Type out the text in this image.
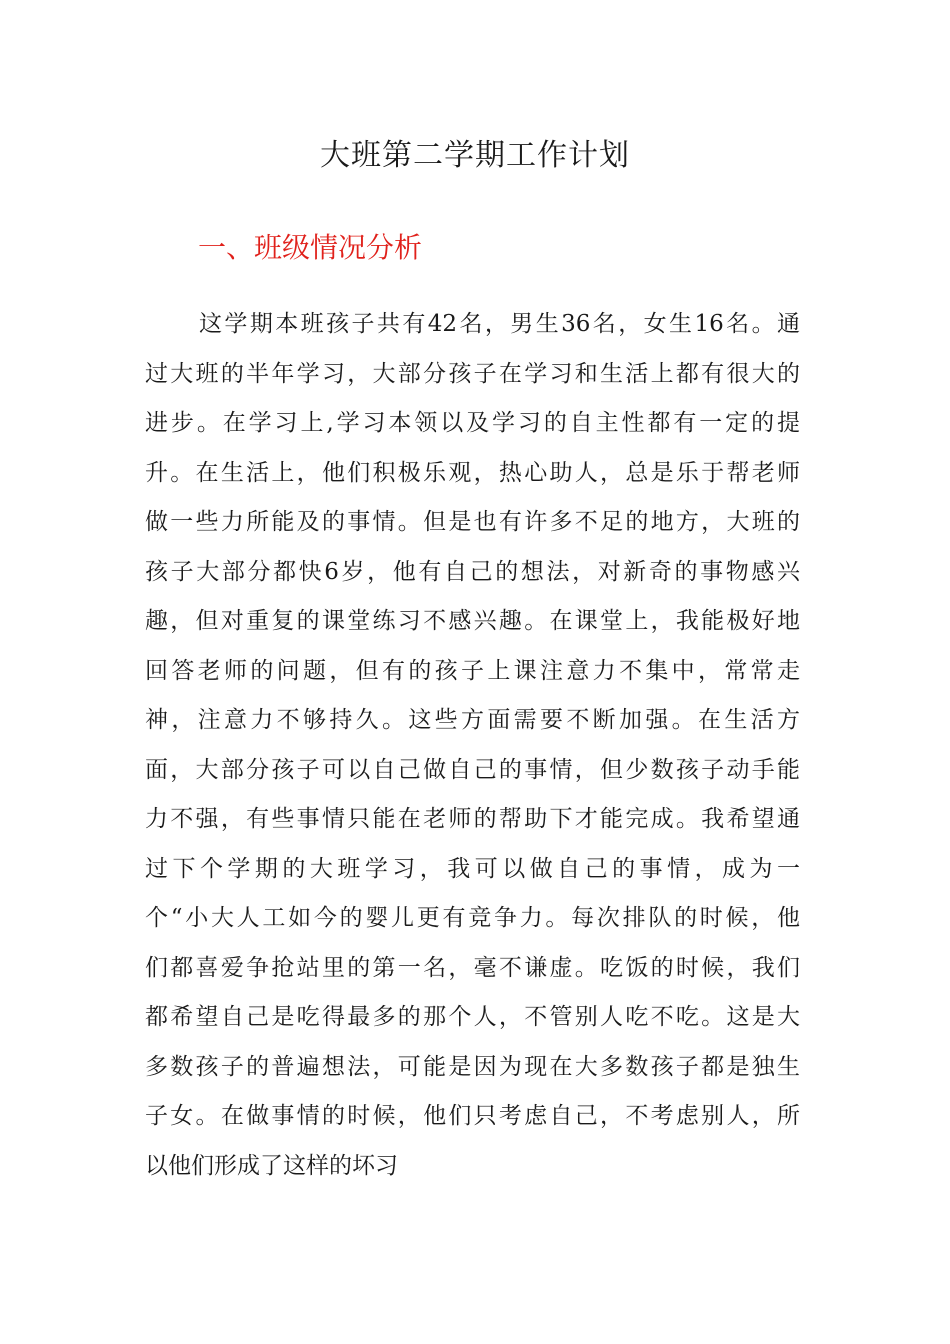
大班第二学期工作计划
一、班级情况分析
这学期本班孩子共有42名，男生36名，女生16名。通
过大班的半年学习，大部分孩子在学习和生活上都有很大的
进步。在学习上,学习本领以及学习的自主性都有一定的提
升。在生活上，他们积极乐观，热心助人，总是乐于帮老师
做一些力所能及的事情。但是也有许多不足的地方，大班的
孩子大部分都快6岁，他有自己的想法，对新奇的事物感兴
趣，但对重复的课堂练习不感兴趣。在课堂上，我能极好地
回答老师的问题，但有的孩子上课注意力不集中，常常走
神，注意力不够持久。这些方面需要不断加强。在生活方
面，大部分孩子可以自己做自己的事情，但少数孩子动手能
力不强，有些事情只能在老师的帮助下才能完成。我希望通
过下个学期的大班学习，我可以做自己的事情，成为一
个“小大人工如今的婴儿更有竞争力。每次排队的时候，他
们都喜爱争抢站里的第一名，毫不谦虚。吃饭的时候，我们
都希望自己是吃得最多的那个人，不管别人吃不吃。这是大
多数孩子的普遍想法，可能是因为现在大多数孩子都是独生
子女。在做事情的时候，他们只考虑自己，不考虑别人，所
以他们形成了这样的坏习
